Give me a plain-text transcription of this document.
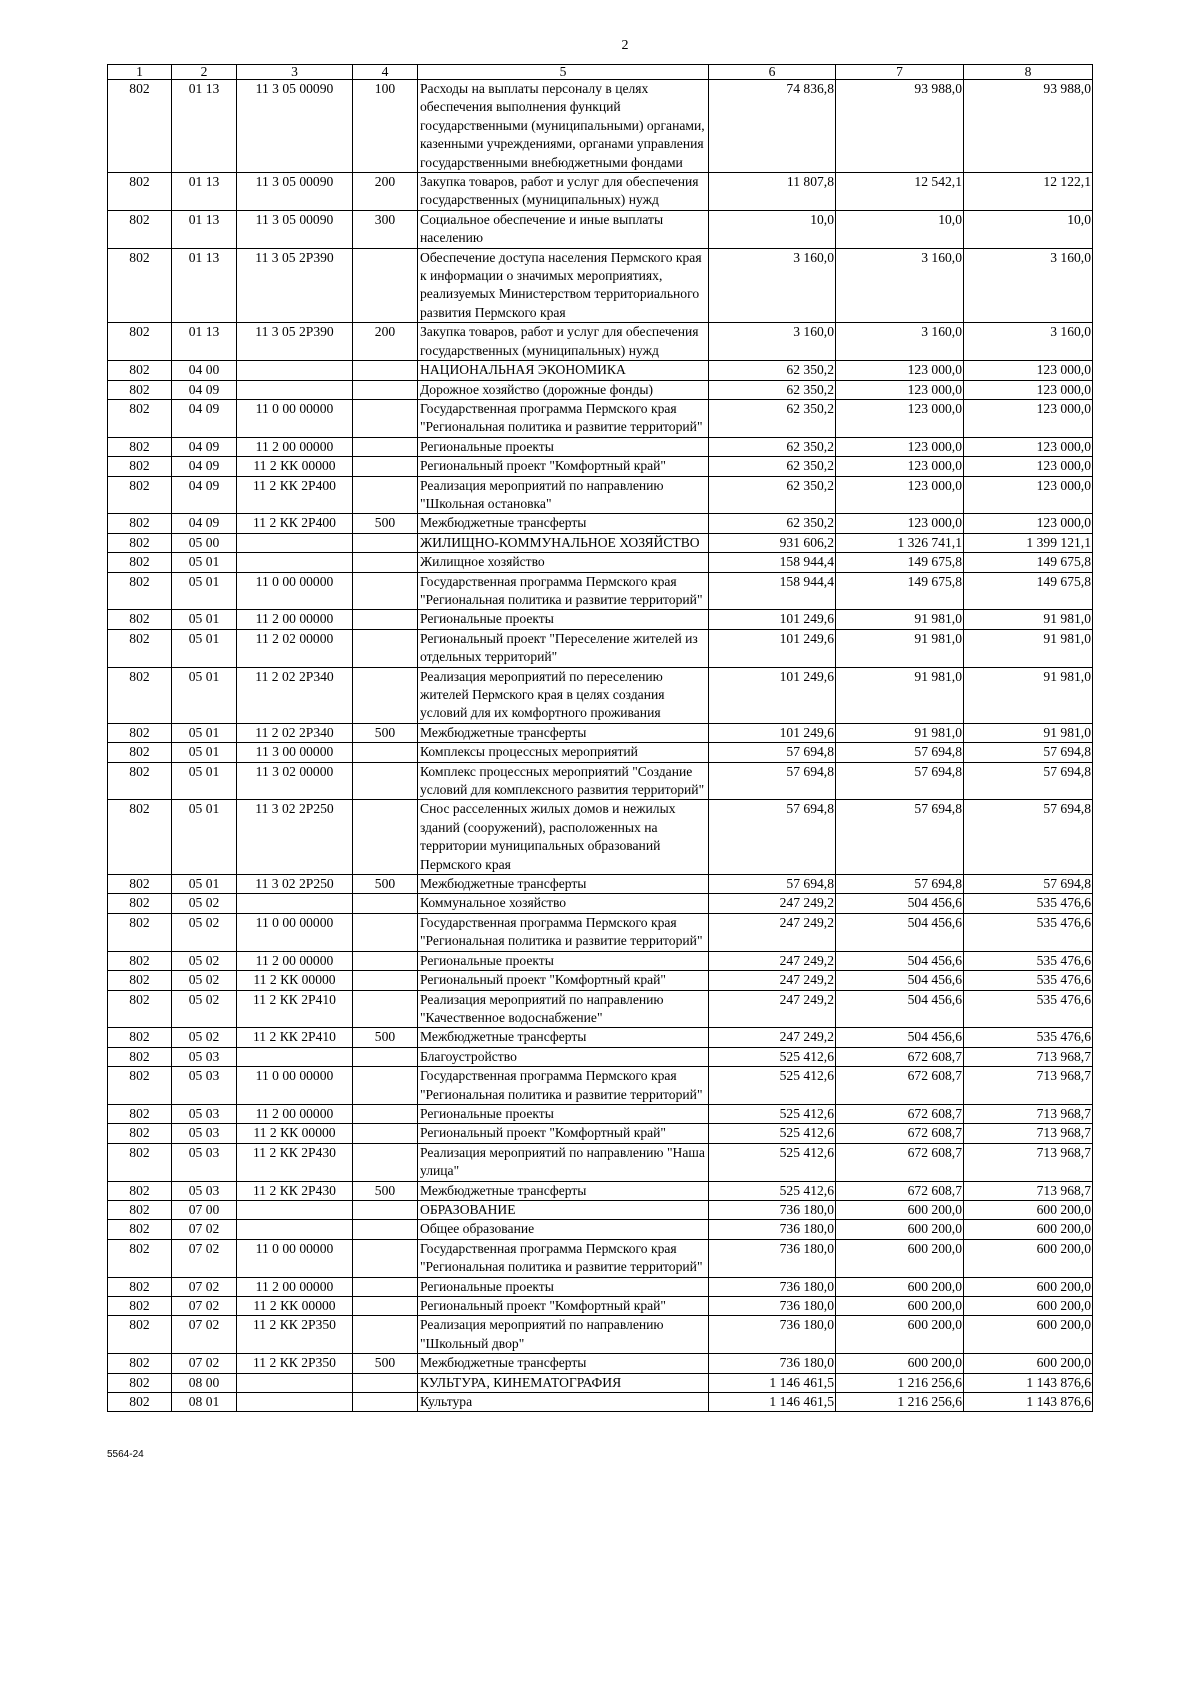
2
1	2	3	4	5	6	7	8
802	01 13	11 3 05 00090	100	Расходы на выплаты персоналу в целях обеспечения выполнения функций государственными (муниципальными) органами, казенными учреждениями, органами управления государственными внебюджетными фондами	74 836,8	93 988,0	93 988,0
802	01 13	11 3 05 00090	200	Закупка товаров, работ и услуг для обеспечения государственных (муниципальных) нужд	11 807,8	12 542,1	12 122,1
802	01 13	11 3 05 00090	300	Социальное обеспечение и иные выплаты населению	10,0	10,0	10,0
802	01 13	11 3 05 2P390		Обеспечение доступа населения Пермского края к информации о значимых мероприятиях, реализуемых Министерством территориального развития Пермского края	3 160,0	3 160,0	3 160,0
802	01 13	11 3 05 2P390	200	Закупка товаров, работ и услуг для обеспечения государственных (муниципальных) нужд	3 160,0	3 160,0	3 160,0
802	04 00			НАЦИОНАЛЬНАЯ ЭКОНОМИКА	62 350,2	123 000,0	123 000,0
802	04 09			Дорожное хозяйство (дорожные фонды)	62 350,2	123 000,0	123 000,0
802	04 09	11 0 00 00000		Государственная программа Пермского края "Региональная политика и развитие территорий"	62 350,2	123 000,0	123 000,0
802	04 09	11 2 00 00000		Региональные проекты	62 350,2	123 000,0	123 000,0
802	04 09	11 2 КК 00000		Региональный проект "Комфортный край"	62 350,2	123 000,0	123 000,0
802	04 09	11 2 КК 2P400		Реализация мероприятий по направлению "Школьная остановка"	62 350,2	123 000,0	123 000,0
802	04 09	11 2 КК 2P400	500	Межбюджетные трансферты	62 350,2	123 000,0	123 000,0
802	05 00			ЖИЛИЩНО-КОММУНАЛЬНОЕ ХОЗЯЙСТВО	931 606,2	1 326 741,1	1 399 121,1
802	05 01			Жилищное хозяйство	158 944,4	149 675,8	149 675,8
802	05 01	11 0 00 00000		Государственная программа Пермского края "Региональная политика и развитие территорий"	158 944,4	149 675,8	149 675,8
802	05 01	11 2 00 00000		Региональные проекты	101 249,6	91 981,0	91 981,0
802	05 01	11 2 02 00000		Региональный проект "Переселение жителей из отдельных территорий"	101 249,6	91 981,0	91 981,0
802	05 01	11 2 02 2P340		Реализация мероприятий по переселению жителей Пермского края в целях создания условий для их комфортного проживания	101 249,6	91 981,0	91 981,0
802	05 01	11 2 02 2P340	500	Межбюджетные трансферты	101 249,6	91 981,0	91 981,0
802	05 01	11 3 00 00000		Комплексы процессных мероприятий	57 694,8	57 694,8	57 694,8
802	05 01	11 3 02 00000		Комплекс процессных мероприятий "Создание условий для комплексного развития территорий"	57 694,8	57 694,8	57 694,8
802	05 01	11 3 02 2P250		Снос расселенных жилых домов и нежилых зданий (сооружений), расположенных на территории муниципальных образований Пермского края	57 694,8	57 694,8	57 694,8
802	05 01	11 3 02 2P250	500	Межбюджетные трансферты	57 694,8	57 694,8	57 694,8
802	05 02			Коммунальное хозяйство	247 249,2	504 456,6	535 476,6
802	05 02	11 0 00 00000		Государственная программа Пермского края "Региональная политика и развитие территорий"	247 249,2	504 456,6	535 476,6
802	05 02	11 2 00 00000		Региональные проекты	247 249,2	504 456,6	535 476,6
802	05 02	11 2 КК 00000		Региональный проект "Комфортный край"	247 249,2	504 456,6	535 476,6
802	05 02	11 2 КК 2P410		Реализация мероприятий по направлению "Качественное водоснабжение"	247 249,2	504 456,6	535 476,6
802	05 02	11 2 КК 2P410	500	Межбюджетные трансферты	247 249,2	504 456,6	535 476,6
802	05 03			Благоустройство	525 412,6	672 608,7	713 968,7
802	05 03	11 0 00 00000		Государственная программа Пермского края "Региональная политика и развитие территорий"	525 412,6	672 608,7	713 968,7
802	05 03	11 2 00 00000		Региональные проекты	525 412,6	672 608,7	713 968,7
802	05 03	11 2 КК 00000		Региональный проект "Комфортный край"	525 412,6	672 608,7	713 968,7
802	05 03	11 2 КК 2P430		Реализация мероприятий по направлению "Наша улица"	525 412,6	672 608,7	713 968,7
802	05 03	11 2 КК 2P430	500	Межбюджетные трансферты	525 412,6	672 608,7	713 968,7
802	07 00			ОБРАЗОВАНИЕ	736 180,0	600 200,0	600 200,0
802	07 02			Общее образование	736 180,0	600 200,0	600 200,0
802	07 02	11 0 00 00000		Государственная программа Пермского края "Региональная политика и развитие территорий"	736 180,0	600 200,0	600 200,0
802	07 02	11 2 00 00000		Региональные проекты	736 180,0	600 200,0	600 200,0
802	07 02	11 2 КК 00000		Региональный проект "Комфортный край"	736 180,0	600 200,0	600 200,0
802	07 02	11 2 КК 2P350		Реализация мероприятий по направлению "Школьный двор"	736 180,0	600 200,0	600 200,0
802	07 02	11 2 КК 2P350	500	Межбюджетные трансферты	736 180,0	600 200,0	600 200,0
802	08 00			КУЛЬТУРА, КИНЕМАТОГРАФИЯ	1 146 461,5	1 216 256,6	1 143 876,6
802	08 01			Культура	1 146 461,5	1 216 256,6	1 143 876,6
5564-24
